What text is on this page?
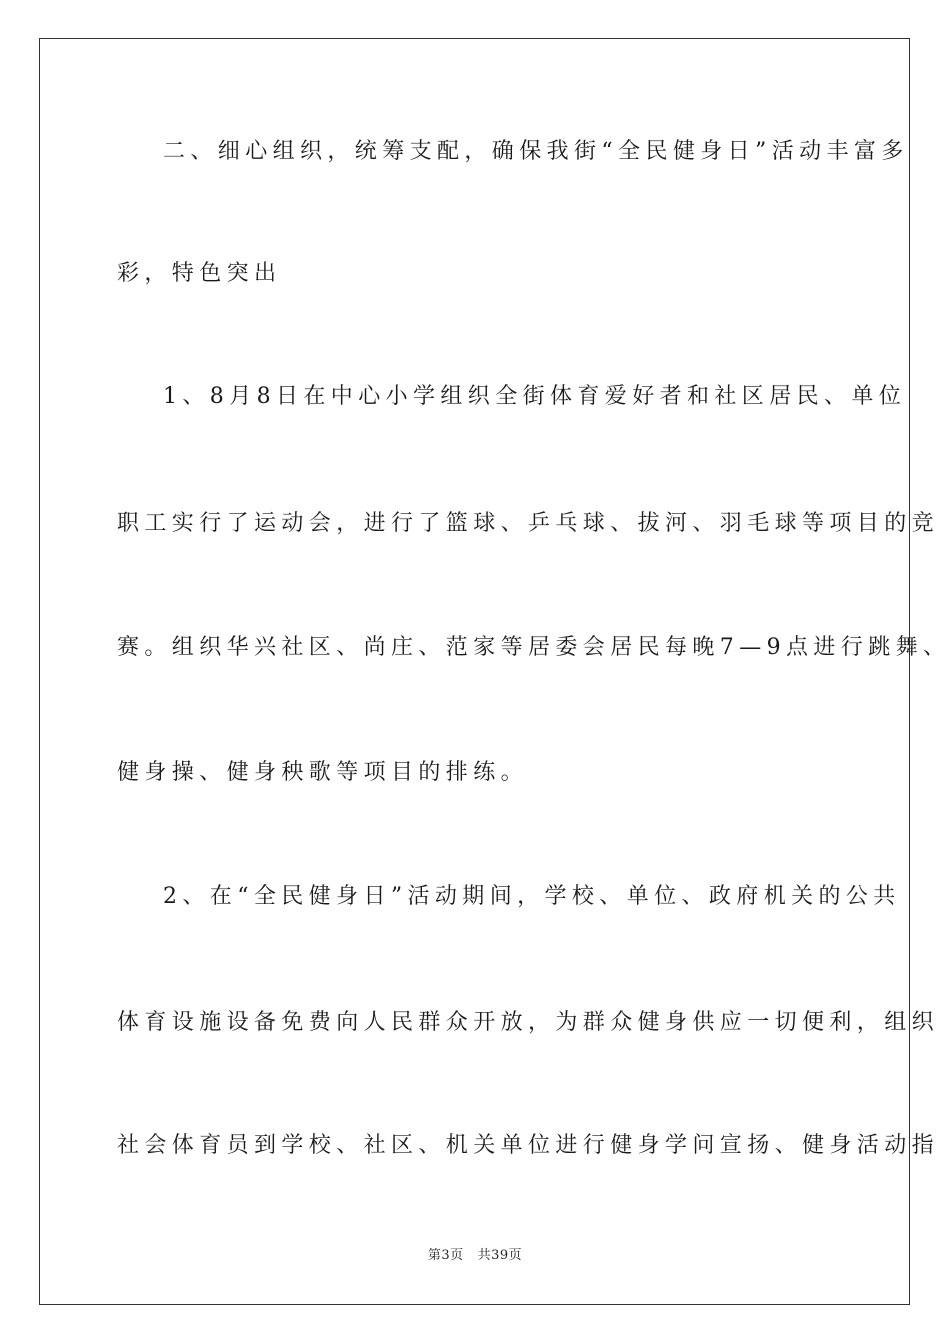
二、细心组织，统筹支配，确保我街“全民健身日”活动丰富多
彩，特色突出
1、8月8日在中心小学组织全街体育爱好者和社区居民、单位
职工实行了运动会，进行了篮球、乒乓球、拔河、羽毛球等项目的竞
赛。组织华兴社区、尚庄、范家等居委会居民每晚7—9点进行跳舞、
健身操、健身秧歌等项目的排练。
2、在“全民健身日”活动期间，学校、单位、政府机关的公共
体育设施设备免费向人民群众开放，为群众健身供应一切便利，组织
社会体育员到学校、社区、机关单位进行健身学问宣扬、健身活动指
第3页 共39页
